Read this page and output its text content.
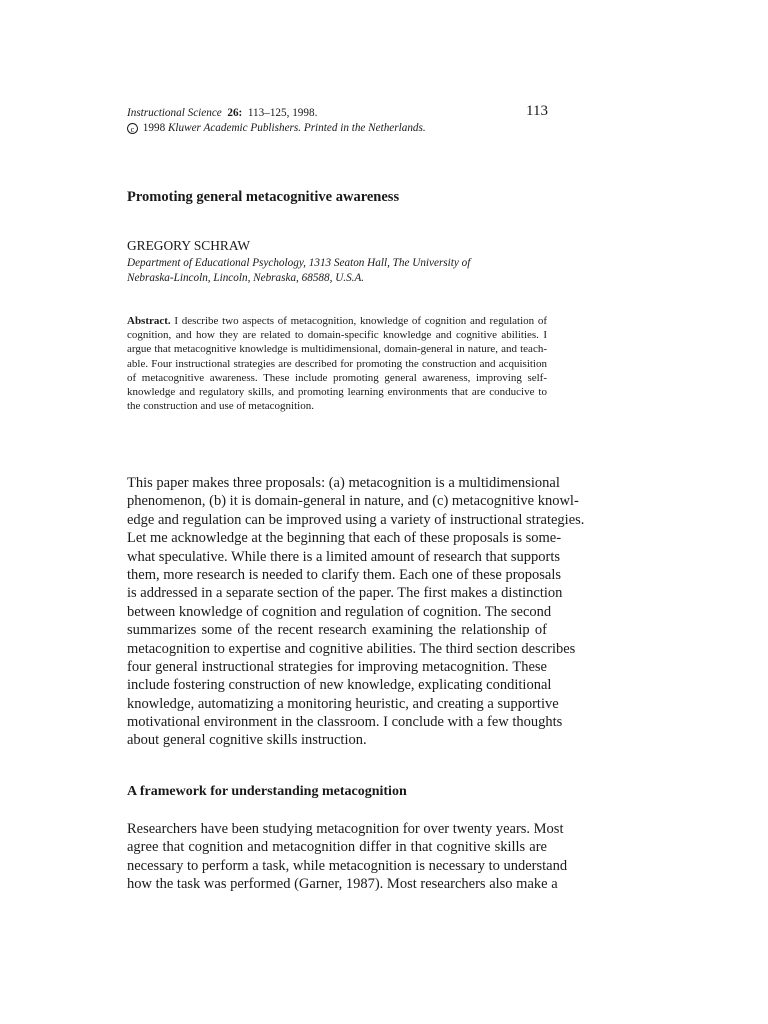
Instructional Science 26: 113–125, 1998.
c 1998 Kluwer Academic Publishers. Printed in the Netherlands.
113
Promoting general metacognitive awareness
GREGORY SCHRAW
Department of Educational Psychology, 1313 Seaton Hall, The University of
Nebraska-Lincoln, Lincoln, Nebraska, 68588, U.S.A.
Abstract. I describe two aspects of metacognition, knowledge of cognition and regulation of
cognition, and how they are related to domain-specific knowledge and cognitive abilities. I
argue that metacognitive knowledge is multidimensional, domain-general in nature, and teach-
able. Four instructional strategies are described for promoting the construction and acquisition
of metacognitive awareness. These include promoting general awareness, improving self-
knowledge and regulatory skills, and promoting learning environments that are conducive to
the construction and use of metacognition.
This paper makes three proposals: (a) metacognition is a multidimensional
phenomenon, (b) it is domain-general in nature, and (c) metacognitive knowl-
edge and regulation can be improved using a variety of instructional strategies.
Let me acknowledge at the beginning that each of these proposals is some-
what speculative. While there is a limited amount of research that supports
them, more research is needed to clarify them. Each one of these proposals
is addressed in a separate section of the paper. The first makes a distinction
between knowledge of cognition and regulation of cognition. The second
summarizes some of the recent research examining the relationship of
metacognition to expertise and cognitive abilities. The third section describes
four general instructional strategies for improving metacognition. These
include fostering construction of new knowledge, explicating conditional
knowledge, automatizing a monitoring heuristic, and creating a supportive
motivational environment in the classroom. I conclude with a few thoughts
about general cognitive skills instruction.
A framework for understanding metacognition
Researchers have been studying metacognition for over twenty years. Most
agree that cognition and metacognition differ in that cognitive skills are
necessary to perform a task, while metacognition is necessary to understand
how the task was performed (Garner, 1987). Most researchers also make a
